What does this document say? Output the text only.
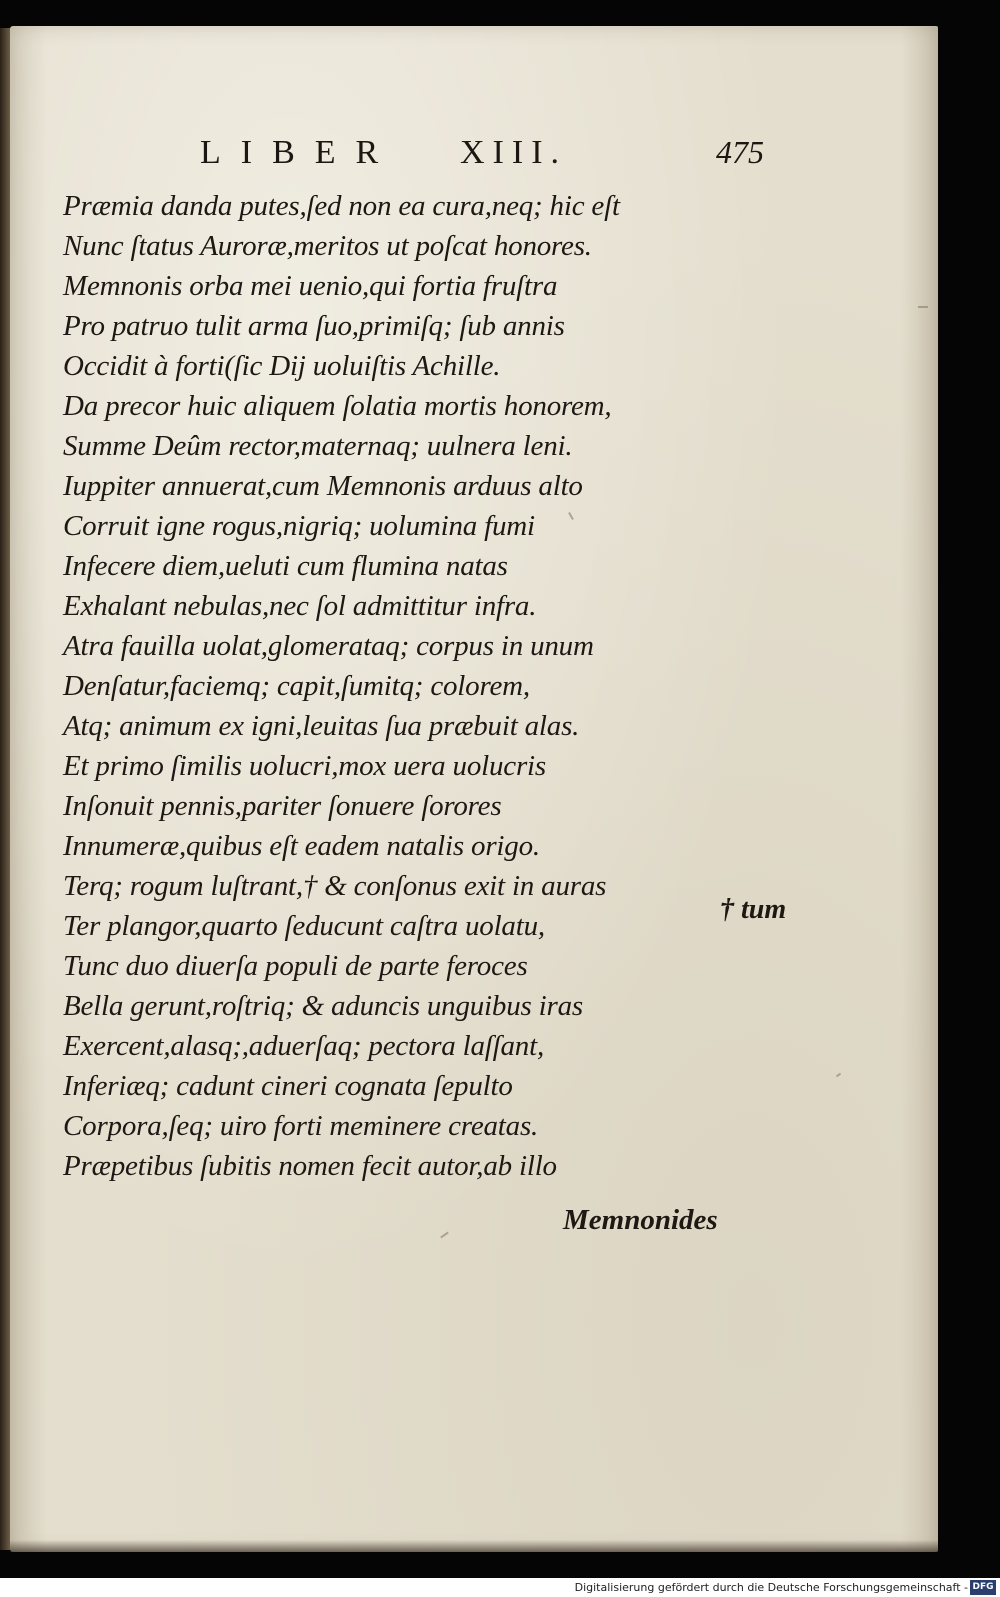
LIBER XIII.	475
Præmia danda putes,ſed non ea cura,neq; hic eſt
Nunc ſtatus Auroræ,meritos ut poſcat honores.
Memnonis orba mei uenio,qui fortia fruſtra
Pro patruo tulit arma ſuo,primiſq; ſub annis
Occidit à forti(ſic Dij uoluiſtis Achille.
Da precor huic aliquem ſolatia mortis honorem,
Summe Deûm rector,maternaq; uulnera leni.
Iuppiter annuerat,cum Memnonis arduus alto
Corruit igne rogus,nigriq; uolumina fumi
Infecere diem,ueluti cum flumina natas
Exhalant nebulas,nec ſol admittitur infra.
Atra fauilla uolat,glomerataq; corpus in unum
Denſatur,faciemq; capit,ſumitq; colorem,
Atq; animum ex igni,leuitas ſua præbuit alas.
Et primo ſimilis uolucri,mox uera uolucris
Inſonuit pennis,pariter ſonuere ſorores
Innumeræ,quibus eſt eadem natalis origo.
Terq; rogum luſtrant,† & conſonus exit in auras
Ter plangor,quarto ſeducunt caſtra uolatu,
Tunc duo diuerſa populi de parte feroces
Bella gerunt,roſtriq; & aduncis unguibus iras
Exercent,alasq;,aduerſaq; pectora laſſant,
Inferiæq; cadunt cineri cognata ſepulto
Corpora,ſeq; uiro forti meminere creatas.
Præpetibus ſubitis nomen fecit autor,ab illo
† tum
Memnonides
Digitalisierung gefördert durch die Deutsche Forschungsgemeinschaft - DFG
